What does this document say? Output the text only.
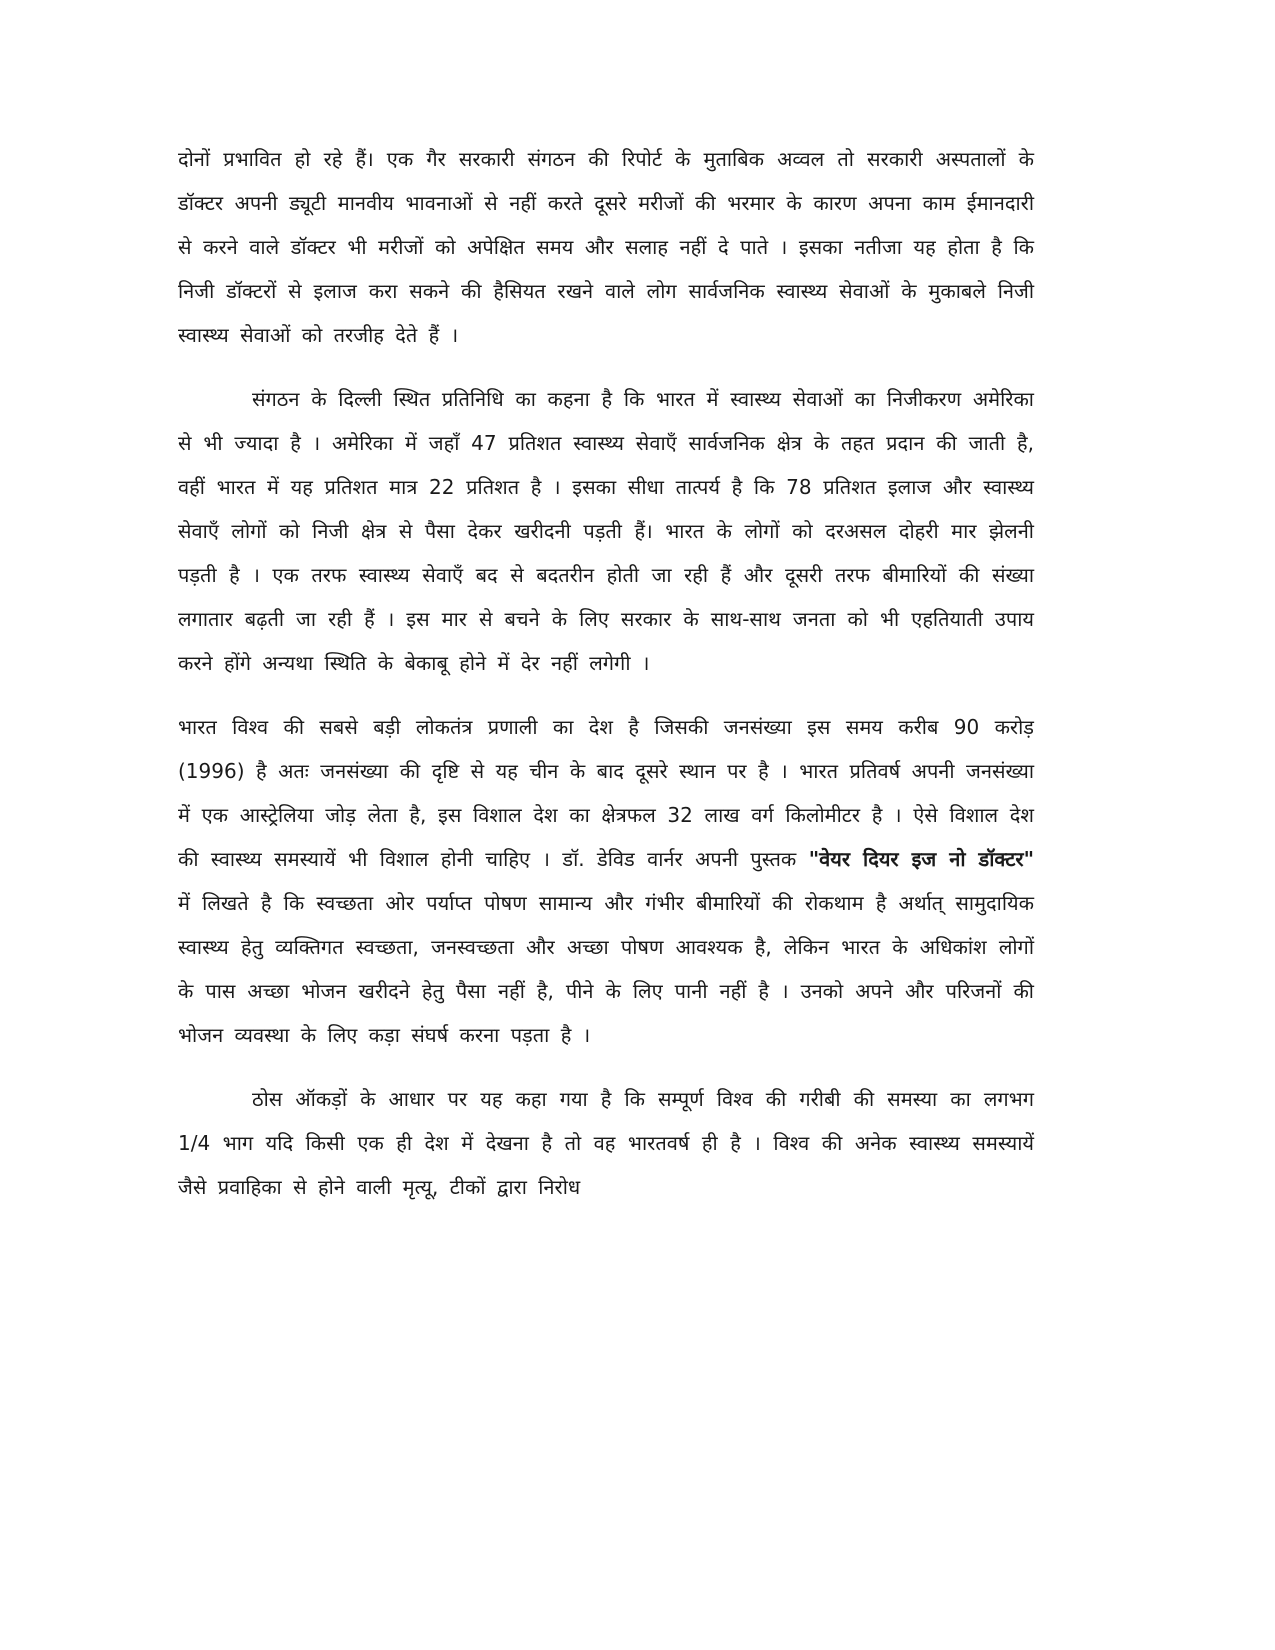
दोनों प्रभावित हो रहे हैं। एक गैर सरकारी संगठन की रिपोर्ट के मुताबिक अव्वल तो सरकारी अस्पतालों के डॉक्टर अपनी ड्यूटी मानवीय भावनाओं से नहीं करते दूसरे मरीजों की भरमार के कारण अपना काम ईमानदारी से करने वाले डॉक्टर भी मरीजों को अपेक्षित समय और सलाह नहीं दे पाते । इसका नतीजा यह होता है कि निजी डॉक्टरों से इलाज करा सकने की हैसियत रखने वाले लोग सार्वजनिक स्वास्थ्य सेवाओं के मुकाबले निजी स्वास्थ्य सेवाओं को तरजीह देते हैं ।

संगठन के दिल्ली स्थित प्रतिनिधि का कहना है कि भारत में स्वास्थ्य सेवाओं का निजीकरण अमेरिका से भी ज्यादा है । अमेरिका में जहाँ 47 प्रतिशत स्वास्थ्य सेवाएँ सार्वजनिक क्षेत्र के तहत प्रदान की जाती है, वहीं भारत में यह प्रतिशत मात्र 22 प्रतिशत है । इसका सीधा तात्पर्य है कि 78 प्रतिशत इलाज और स्वास्थ्य सेवाएँ लोगों को निजी क्षेत्र से पैसा देकर खरीदनी पड़ती हैं। भारत के लोगों को दरअसल दोहरी मार झेलनी पड़ती है । एक तरफ स्वास्थ्य सेवाएँ बद से बदतरीन होती जा रही हैं और दूसरी तरफ बीमारियों की संख्या लगातार बढ़ती जा रही हैं । इस मार से बचने के लिए सरकार के साथ-साथ जनता को भी एहतियाती उपाय करने होंगे अन्यथा स्थिति के बेकाबू होने में देर नहीं लगेगी ।

भारत विश्व की सबसे बड़ी लोकतंत्र प्रणाली का देश है जिसकी जनसंख्या इस समय करीब 90 करोड़ (1996) है अतः जनसंख्या की दृष्टि से यह चीन के बाद दूसरे स्थान पर है । भारत प्रतिवर्ष अपनी जनसंख्या में एक आस्ट्रेलिया जोड़ लेता है, इस विशाल देश का क्षेत्रफल 32 लाख वर्ग किलोमीटर है । ऐसे विशाल देश की स्वास्थ्य समस्यायें भी विशाल होनी चाहिए । डॉ. डेविड वार्नर अपनी पुस्तक "वेयर दियर इज नो डॉक्टर" में लिखते है कि स्वच्छता ओर पर्याप्त पोषण सामान्य और गंभीर बीमारियों की रोकथाम है अर्थात् सामुदायिक स्वास्थ्य हेतु व्यक्तिगत स्वच्छता, जनस्वच्छता और अच्छा पोषण आवश्यक है, लेकिन भारत के अधिकांश लोगों के पास अच्छा भोजन खरीदने हेतु पैसा नहीं है, पीने के लिए पानी नहीं है । उनको अपने और परिजनों की भोजन व्यवस्था के लिए कड़ा संघर्ष करना पड़ता है ।

ठोस ऑकड़ों के आधार पर यह कहा गया है कि सम्पूर्ण विश्व की गरीबी की समस्या का लगभग 1/4 भाग यदि किसी एक ही देश में देखना है तो वह भारतवर्ष ही है । विश्व की अनेक स्वास्थ्य समस्यायें जैसे प्रवाहिका से होने वाली मृत्यू, टीकों द्वारा निरोध
